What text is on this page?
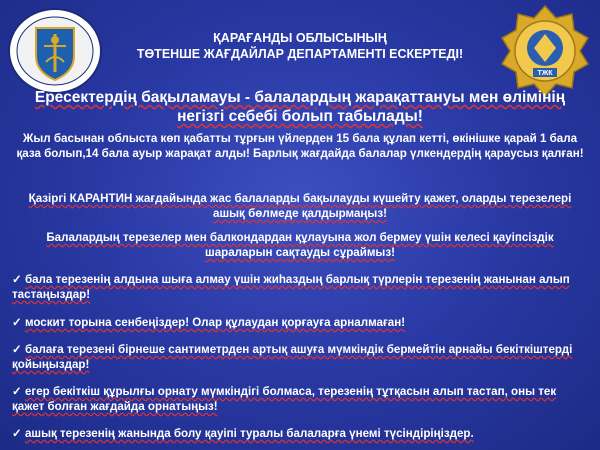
ТЖК
ҚАРАҒАНДЫ ОБЛЫСЫНЫҢ
ТӨТЕНШЕ ЖАҒДАЙЛАР ДЕПАРТАМЕНТІ ЕСКЕРТЕДІ!
Ересектердің бақыламауы - балалардың жарақаттануы мен өлімінің
негізгі себебі болып табылады!
Жыл басынан облыста көп қабатты тұрғын үйлерден 15 бала құлап кетті, өкінішке қарай 1 бала қаза болып,14 бала ауыр жарақат алды! Барлық жағдайда балалар үлкендердің қараусыз қалған!
Қазіргі КАРАНТИН жағдайында жас балаларды бақылауды күшейту қажет, оларды терезелері ашық бөлмеде қалдырмаңыз!
Балалардың терезелер мен балкондардан құлауына жол бермеу үшін келесі қауіпсіздік шараларын сақтауды сұраймыз!
✓ бала терезенің алдына шыға алмау үшін жиһаздың барлық түрлерін терезенің жанынан алып тастаңыздар!
✓ москит торына сенбеңіздер! Олар құлаудан қорғауға арналмаған!
✓ балаға терезені бірнеше сантиметрден артық ашуға мүмкіндік бермейтін арнайы бекіткіштерді қойыңыздар!
✓ егер бекіткіш құрылғы орнату мүмкіндігі болмаса, терезенің тұтқасын алып тастап, оны тек қажет болған жағдайда орнатыңыз!
✓ ашық терезенің жанында болу қауіпі туралы балаларға үнемі түсіндіріңіздер.
